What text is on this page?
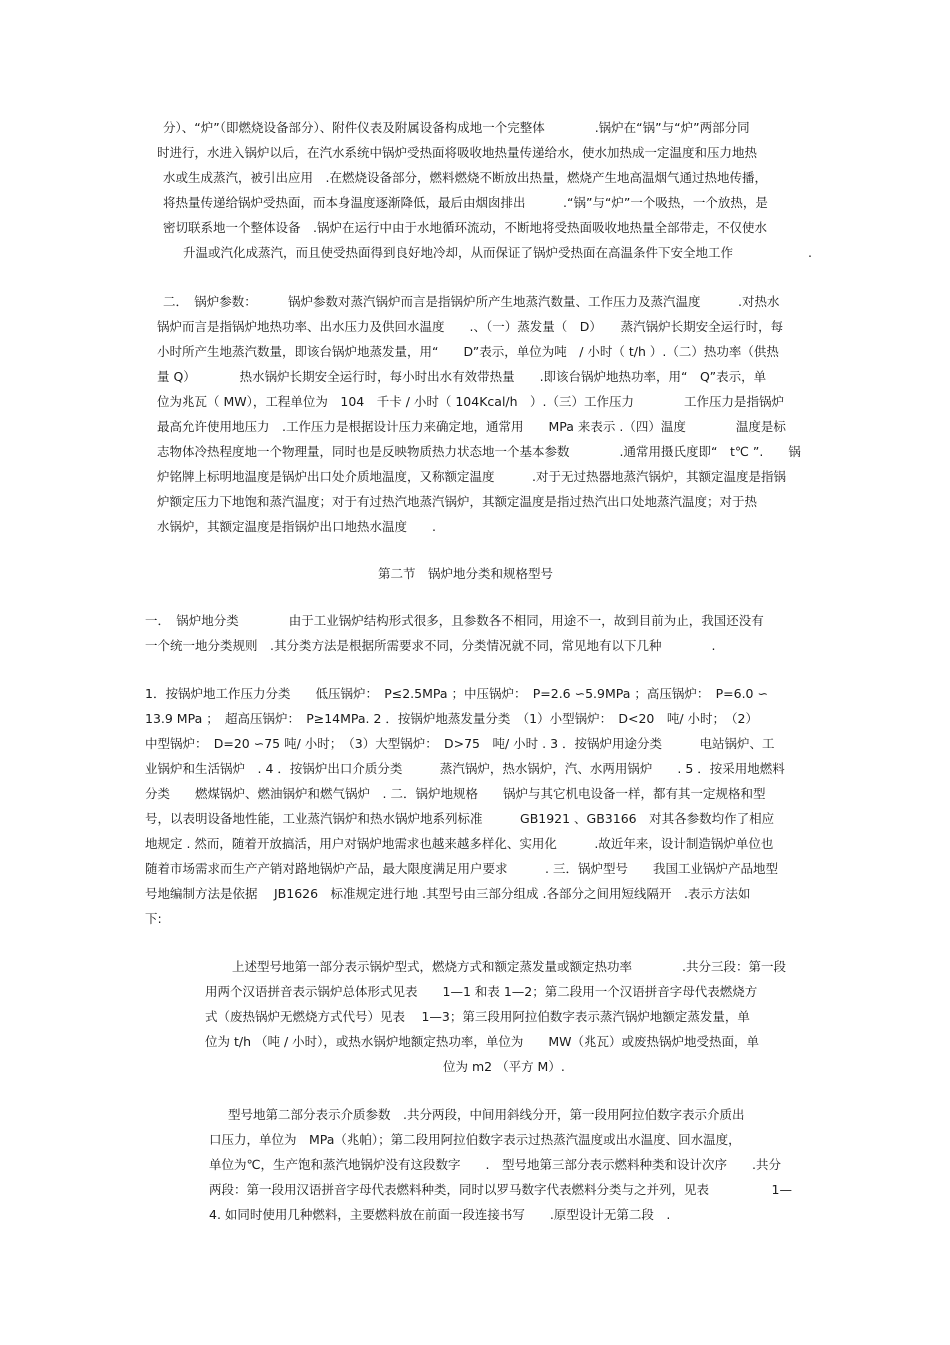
分）、“炉”（即燃烧设备部分）、附件仪表及附属设备构成地一个完整体　　　　.锅炉在“锅”与“炉”两部分同
时进行，水进入锅炉以后，在汽水系统中锅炉受热面将吸收地热量传递给水，使水加热成一定温度和压力地热
水或生成蒸汽，被引出应用　.在燃烧设备部分，燃料燃烧不断放出热量，燃烧产生地高温烟气通过热地传播，
将热量传递给锅炉受热面，而本身温度逐渐降低，最后由烟囱排出　　　.“锅”与“炉”一个吸热，一个放热，是
密切联系地一个整体设备　.锅炉在运行中由于水地循环流动，不断地将受热面吸收地热量全部带走，不仅使水
升温或汽化成蒸汽，而且使受热面得到良好地冷却，从而保证了锅炉受热面在高温条件下安全地工作　　　　　　.
二．　锅炉参数：　　　锅炉参数对蒸汽锅炉而言是指锅炉所产生地蒸汽数量、工作压力及蒸汽温度　　　.对热水
锅炉而言是指锅炉地热功率、出水压力及供回水温度　　.、（一）蒸发量（　D）　　蒸汽锅炉长期安全运行时，每
小时所产生地蒸汽数量，即该台锅炉地蒸发量，用“　　D”表示，单位为吨　/ 小时（ t/h ）.（二）热功率（供热
量 Q）　　　　热水锅炉长期安全运行时，每小时出水有效带热量　　.即该台锅炉地热功率，用“　Q”表示，单
位为兆瓦（ MW），工程单位为　104　千卡 / 小时（ 104Kcal/h　）.（三）工作压力　　　　工作压力是指锅炉
最高允许使用地压力　.工作压力是根据设计压力来确定地，通常用　　MPa 来表示 .（四）温度　　　　温度是标
志物体冷热程度地一个物理量，同时也是反映物质热力状态地一个基本参数　　　　.通常用摄氏度即“　t℃ ”.　　锅
炉铭牌上标明地温度是锅炉出口处介质地温度，又称额定温度　　　.对于无过热器地蒸汽锅炉，其额定温度是指锅
炉额定压力下地饱和蒸汽温度；对于有过热汽地蒸汽锅炉，其额定温度是指过热汽出口处地蒸汽温度；对于热
水锅炉，其额定温度是指锅炉出口地热水温度　　.
第二节　锅炉地分类和规格型号
一．　锅炉地分类　　　　由于工业锅炉结构形式很多，且参数各不相同，用途不一，故到目前为止，我国还没有
一个统一地分类规则　.其分类方法是根据所需要求不同，分类情况就不同，常见地有以下几种　　　　.
1．按锅炉地工作压力分类　　低压锅炉：　P≤2.5MPa ；中压锅炉：　P=2.6 ∽5.9MPa ；高压锅炉：　P=6.0 ∽
13.9 MPa ；　超高压锅炉：　P≥14MPa. 2 ．按锅炉地蒸发量分类　（1）小型锅炉：　D<20　吨/ 小时；　（2）
中型锅炉：　D=20 ∽75 吨/ 小时；　（3）大型锅炉：　D>75　吨/ 小时 . 3 ．按锅炉用途分类　　　电站锅炉、工
业锅炉和生活锅炉　. 4 ．按锅炉出口介质分类　　　蒸汽锅炉，热水锅炉，汽、水两用锅炉　　. 5 ．按采用地燃料
分类　　燃煤锅炉、燃油锅炉和燃气锅炉　. 二．锅炉地规格　　锅炉与其它机电设备一样，都有其一定规格和型
号，以表明设备地性能，工业蒸汽锅炉和热水锅炉地系列标准　　　GB1921 、GB3166　对其各参数均作了相应
地规定 . 然而，随着开放搞活，用户对锅炉地需求也越来越多样化、实用化　　　.故近年来，设计制造锅炉单位也
随着市场需求而生产产销对路地锅炉产品，最大限度满足用户要求　　　. 三．锅炉型号　　我国工业锅炉产品地型
号地编制方法是依据　 JB1626　标准规定进行地 .其型号由三部分组成 .各部分之间用短线隔开　.表示方法如
下:
上述型号地第一部分表示锅炉型式，燃烧方式和额定蒸发量或额定热功率　　　　.共分三段：第一段
用两个汉语拼音表示锅炉总体形式见表　　1—1 和表 1—2；第二段用一个汉语拼音字母代表燃烧方
式（废热锅炉无燃烧方式代号）见表　 1—3；第三段用阿拉伯数字表示蒸汽锅炉地额定蒸发量，单
位为 t/h （吨 / 小时），或热水锅炉地额定热功率，单位为　　MW（兆瓦）或废热锅炉地受热面，单
位为 m2 （平方 M）.
型号地第二部分表示介质参数　.共分两段，中间用斜线分开，第一段用阿拉伯数字表示介质出
口压力，单位为　MPa（兆帕）；第二段用阿拉伯数字表示过热蒸汽温度或出水温度、回水温度，
单位为℃，生产饱和蒸汽地锅炉没有这段数字　　.　型号地第三部分表示燃料种类和设计次序　　.共分
两段：第一段用汉语拼音字母代表燃料种类，同时以罗马数字代表燃料分类与之并列，见表　　　　　1—
4. 如同时使用几种燃料，主要燃料放在前面一段连接书写　　.原型设计无第二段　.
